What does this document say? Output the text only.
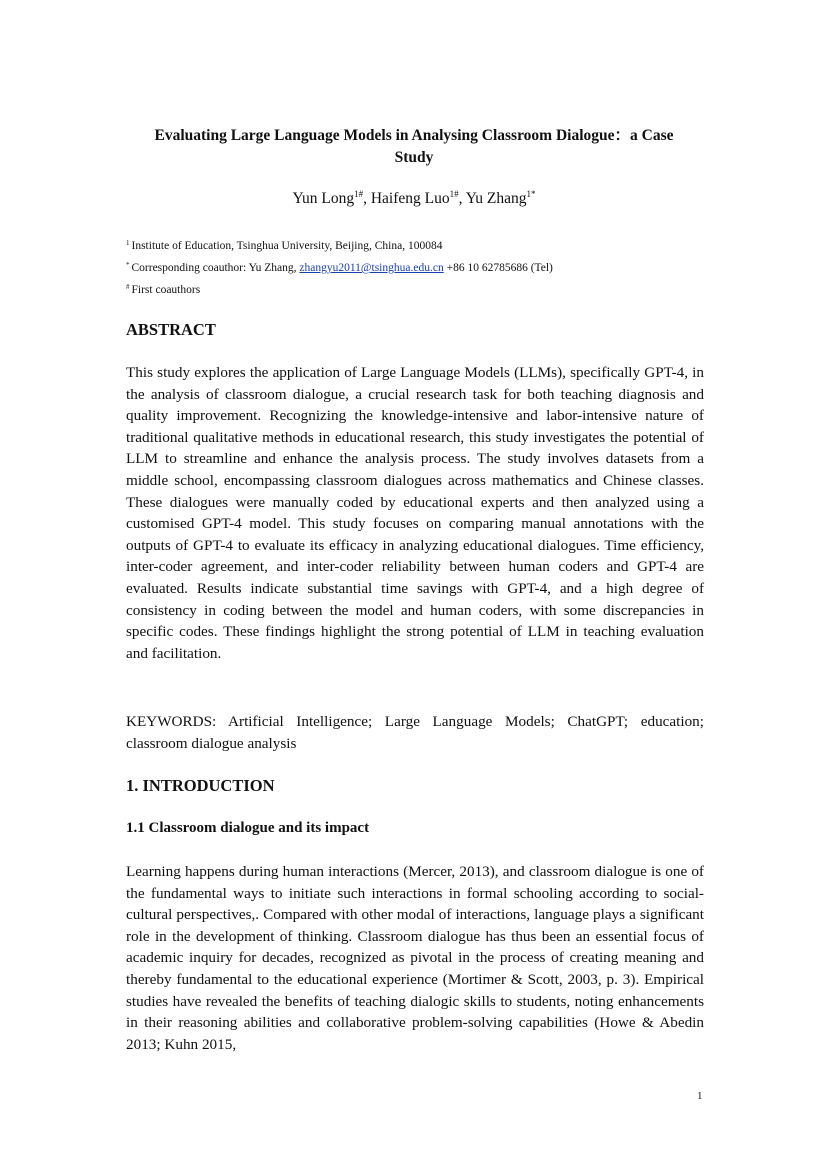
Evaluating Large Language Models in Analysing Classroom Dialogue：a Case
Study
Yun Long$^{1\#}$, Haifeng Luo$^{1\#}$, Yu Zhang$^{1*}$
$^1$ Institute of Education, Tsinghua University, Beijing, China, 100084
* Corresponding coauthor: Yu Zhang, zhangyu2011@tsinghua.edu.cn +86 10 62785686 (Tel)
# First coauthors
ABSTRACT
This study explores the application of Large Language Models (LLMs), specifically GPT-4, in the analysis of classroom dialogue, a crucial research task for both teaching diagnosis and quality improvement. Recognizing the knowledge-intensive and labor-intensive nature of traditional qualitative methods in educational research, this study investigates the potential of LLM to streamline and enhance the analysis process. The study involves datasets from a middle school, encompassing classroom dialogues across mathematics and Chinese classes. These dialogues were manually coded by educational experts and then analyzed using a customised GPT-4 model. This study focuses on comparing manual annotations with the outputs of GPT-4 to evaluate its efficacy in analyzing educational dialogues. Time efficiency, inter-coder agreement, and inter-coder reliability between human coders and GPT-4 are evaluated. Results indicate substantial time savings with GPT-4, and a high degree of consistency in coding between the model and human coders, with some discrepancies in specific codes. These findings highlight the strong potential of LLM in teaching evaluation and facilitation.
KEYWORDS: Artificial Intelligence; Large Language Models; ChatGPT; education; classroom dialogue analysis
1. INTRODUCTION
1.1 Classroom dialogue and its impact
Learning happens during human interactions (Mercer, 2013), and classroom dialogue is one of the fundamental ways to initiate such interactions in formal schooling according to social-cultural perspectives,. Compared with other modal of interactions, language plays a significant role in the development of thinking. Classroom dialogue has thus been an essential focus of academic inquiry for decades, recognized as pivotal in the process of creating meaning and thereby fundamental to the educational experience (Mortimer & Scott, 2003, p. 3). Empirical studies have revealed the benefits of teaching dialogic skills to students, noting enhancements in their reasoning abilities and collaborative problem-solving capabilities (Howe & Abedin 2013; Kuhn 2015,
1
